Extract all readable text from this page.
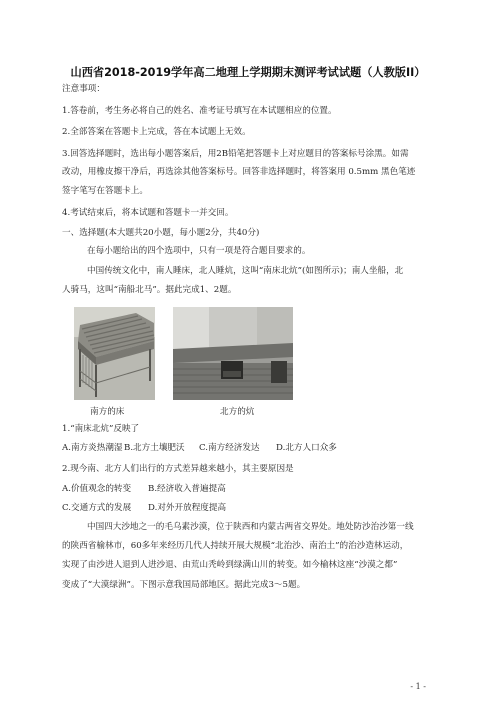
山西省2018-2019学年高二地理上学期期末测评考试试题（人教版II）
注意事项：
1.答卷前，考生务必将自己的姓名、准考证号填写在本试题相应的位置。
2.全部答案在答题卡上完成，答在本试题上无效。
3.回答选择题时，选出每小题答案后，用2B铅笔把答题卡上对应题目的答案标号涂黑。如需
改动，用橡皮擦干净后，再选涂其他答案标号。回答非选择题时，将答案用 0.5mm 黑色笔迹
签字笔写在答题卡上。
4.考试结束后，将本试题和答题卡一并交回。
一、选择题(本大题共20小题，每小题2分，共40分)
在每小题给出的四个选项中，只有一项是符合题目要求的。
中国传统文化中，南人睡床，北人睡炕，这叫“南床北炕”(如图所示)；南人坐船，北
人骑马，这叫“南船北马”。据此完成1、2题。
南方的床	北方的炕
1.“南床北炕”反映了
A.南方炎热潮湿 B.北方土壤肥沃 C.南方经济发达 D.北方人口众多
2.现今南、北方人们出行的方式差异越来越小，其主要原因是
A.价值观念的转变 B.经济收入普遍提高
C.交通方式的发展 D.对外开放程度提高
中国四大沙地之一的毛乌素沙漠，位于陕西和内蒙古两省交界处。地处防沙治沙第一线
的陕西省榆林市，60多年来经历几代人持续开展大规模“北治沙、南治土”的治沙造林运动，
实现了由沙进人退到人进沙退、由荒山秃岭到绿满山川的转变。如今榆林这座“沙漠之都”
变成了“大漠绿洲”。下图示意我国局部地区。据此完成3～5题。
- 1 -
